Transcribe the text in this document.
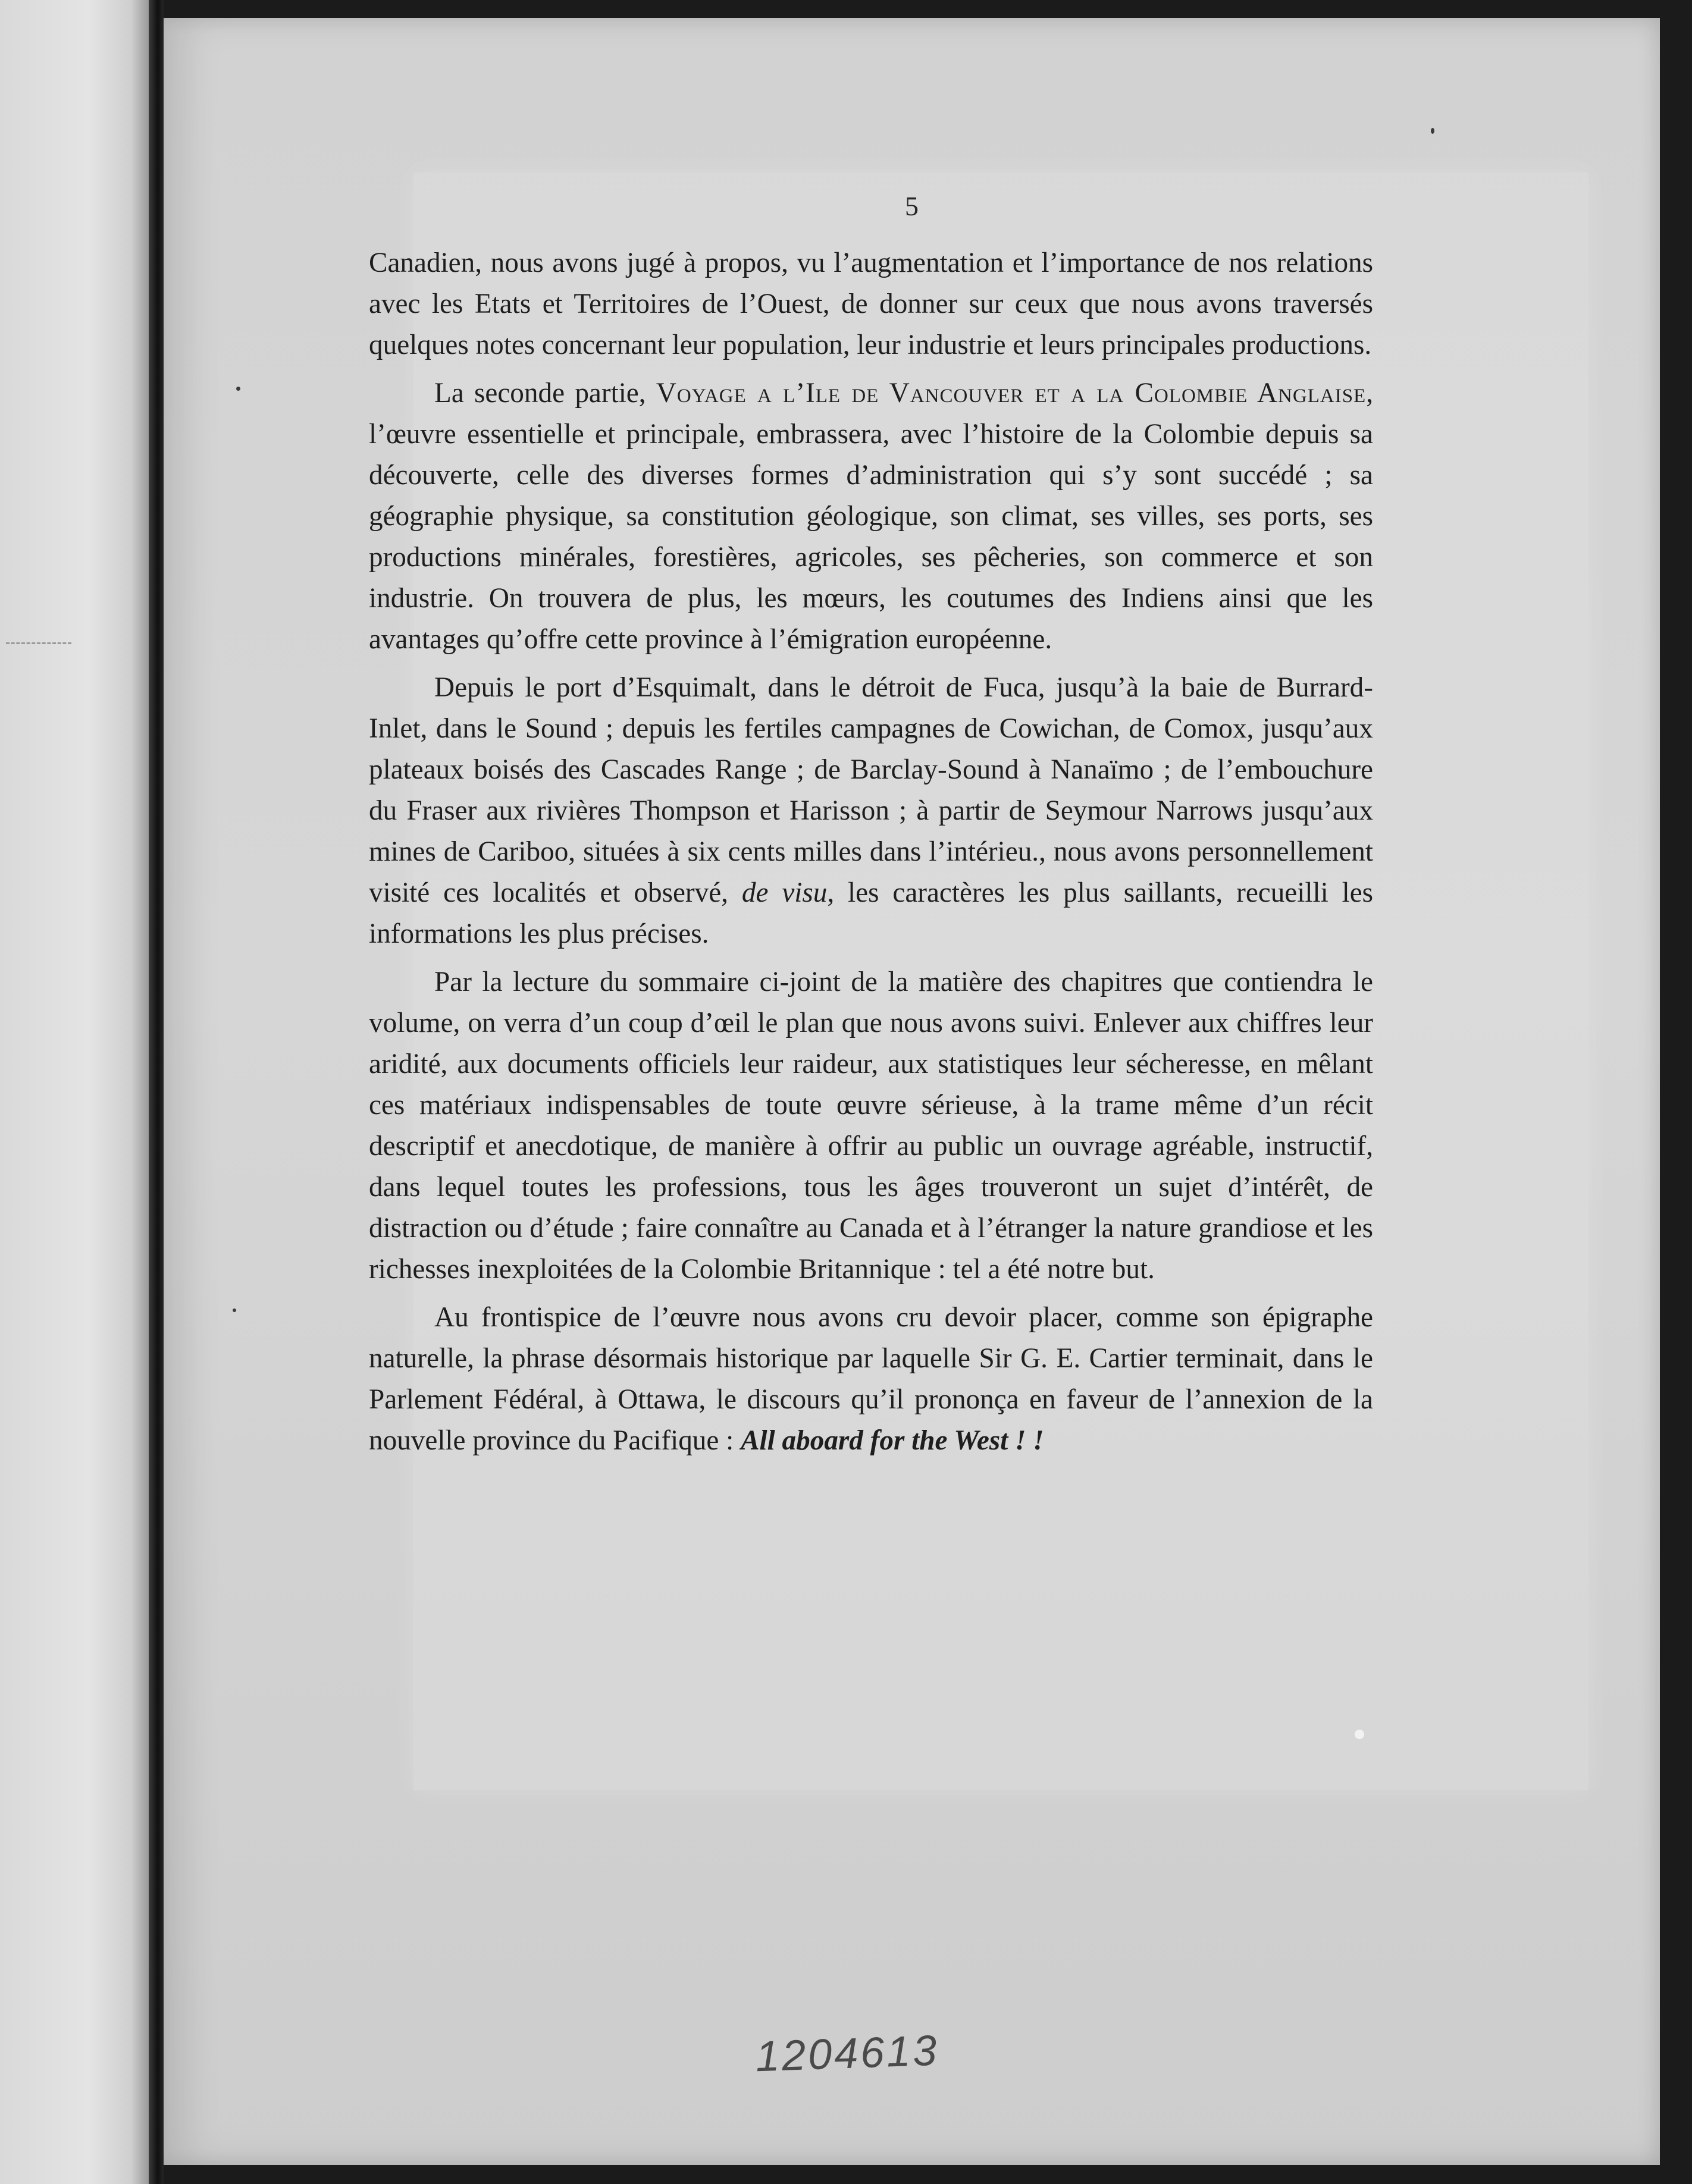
5

Canadien, nous avons jugé à propos, vu l’augmentation et l’importance de nos relations avec les Etats et Territoires de l’Ouest, de donner sur ceux que nous avons traversés quelques notes concernant leur population, leur industrie et leurs principales productions.

La seconde partie, Voyage a l’Ile de Vancouver et a la Colombie Anglaise, l’œuvre essentielle et principale, embrassera, avec l’histoire de la Colombie depuis sa découverte, celle des diverses formes d’administration qui s’y sont succédé ; sa géographie physique, sa constitution géologique, son climat, ses villes, ses ports, ses productions minérales, forestières, agricoles, ses pêcheries, son commerce et son industrie. On trouvera de plus, les mœurs, les coutumes des Indiens ainsi que les avantages qu’offre cette province à l’émigration européenne.

Depuis le port d’Esquimalt, dans le détroit de Fuca, jusqu’à la baie de Burrard-Inlet, dans le Sound ; depuis les fertiles campagnes de Cowichan, de Comox, jusqu’aux plateaux boisés des Cascades Range ; de Barclay-Sound à Nanaïmo ; de l’embouchure du Fraser aux rivières Thompson et Harisson ; à partir de Seymour Narrows jusqu’aux mines de Cariboo, situées à six cents milles dans l’intérieu., nous avons personnellement visité ces localités et observé, de visu, les caractères les plus saillants, recueilli les informations les plus précises.

Par la lecture du sommaire ci-joint de la matière des chapitres que contiendra le volume, on verra d’un coup d’œil le plan que nous avons suivi. Enlever aux chiffres leur aridité, aux documents officiels leur raideur, aux statistiques leur sécheresse, en mêlant ces matériaux indispensables de toute œuvre sérieuse, à la trame même d’un récit descriptif et anecdotique, de manière à offrir au public un ouvrage agréable, instructif, dans lequel toutes les professions, tous les âges trouveront un sujet d’intérêt, de distraction ou d’étude ; faire connaître au Canada et à l’étranger la nature grandiose et les richesses inexploitées de la Colombie Britannique : tel a été notre but.

Au frontispice de l’œuvre nous avons cru devoir placer, comme son épigraphe naturelle, la phrase désormais historique par laquelle Sir G. E. Cartier terminait, dans le Parlement Fédéral, à Ottawa, le discours qu’il prononça en faveur de l’annexion de la nouvelle province du Pacifique : All aboard for the West ! !

1204613
